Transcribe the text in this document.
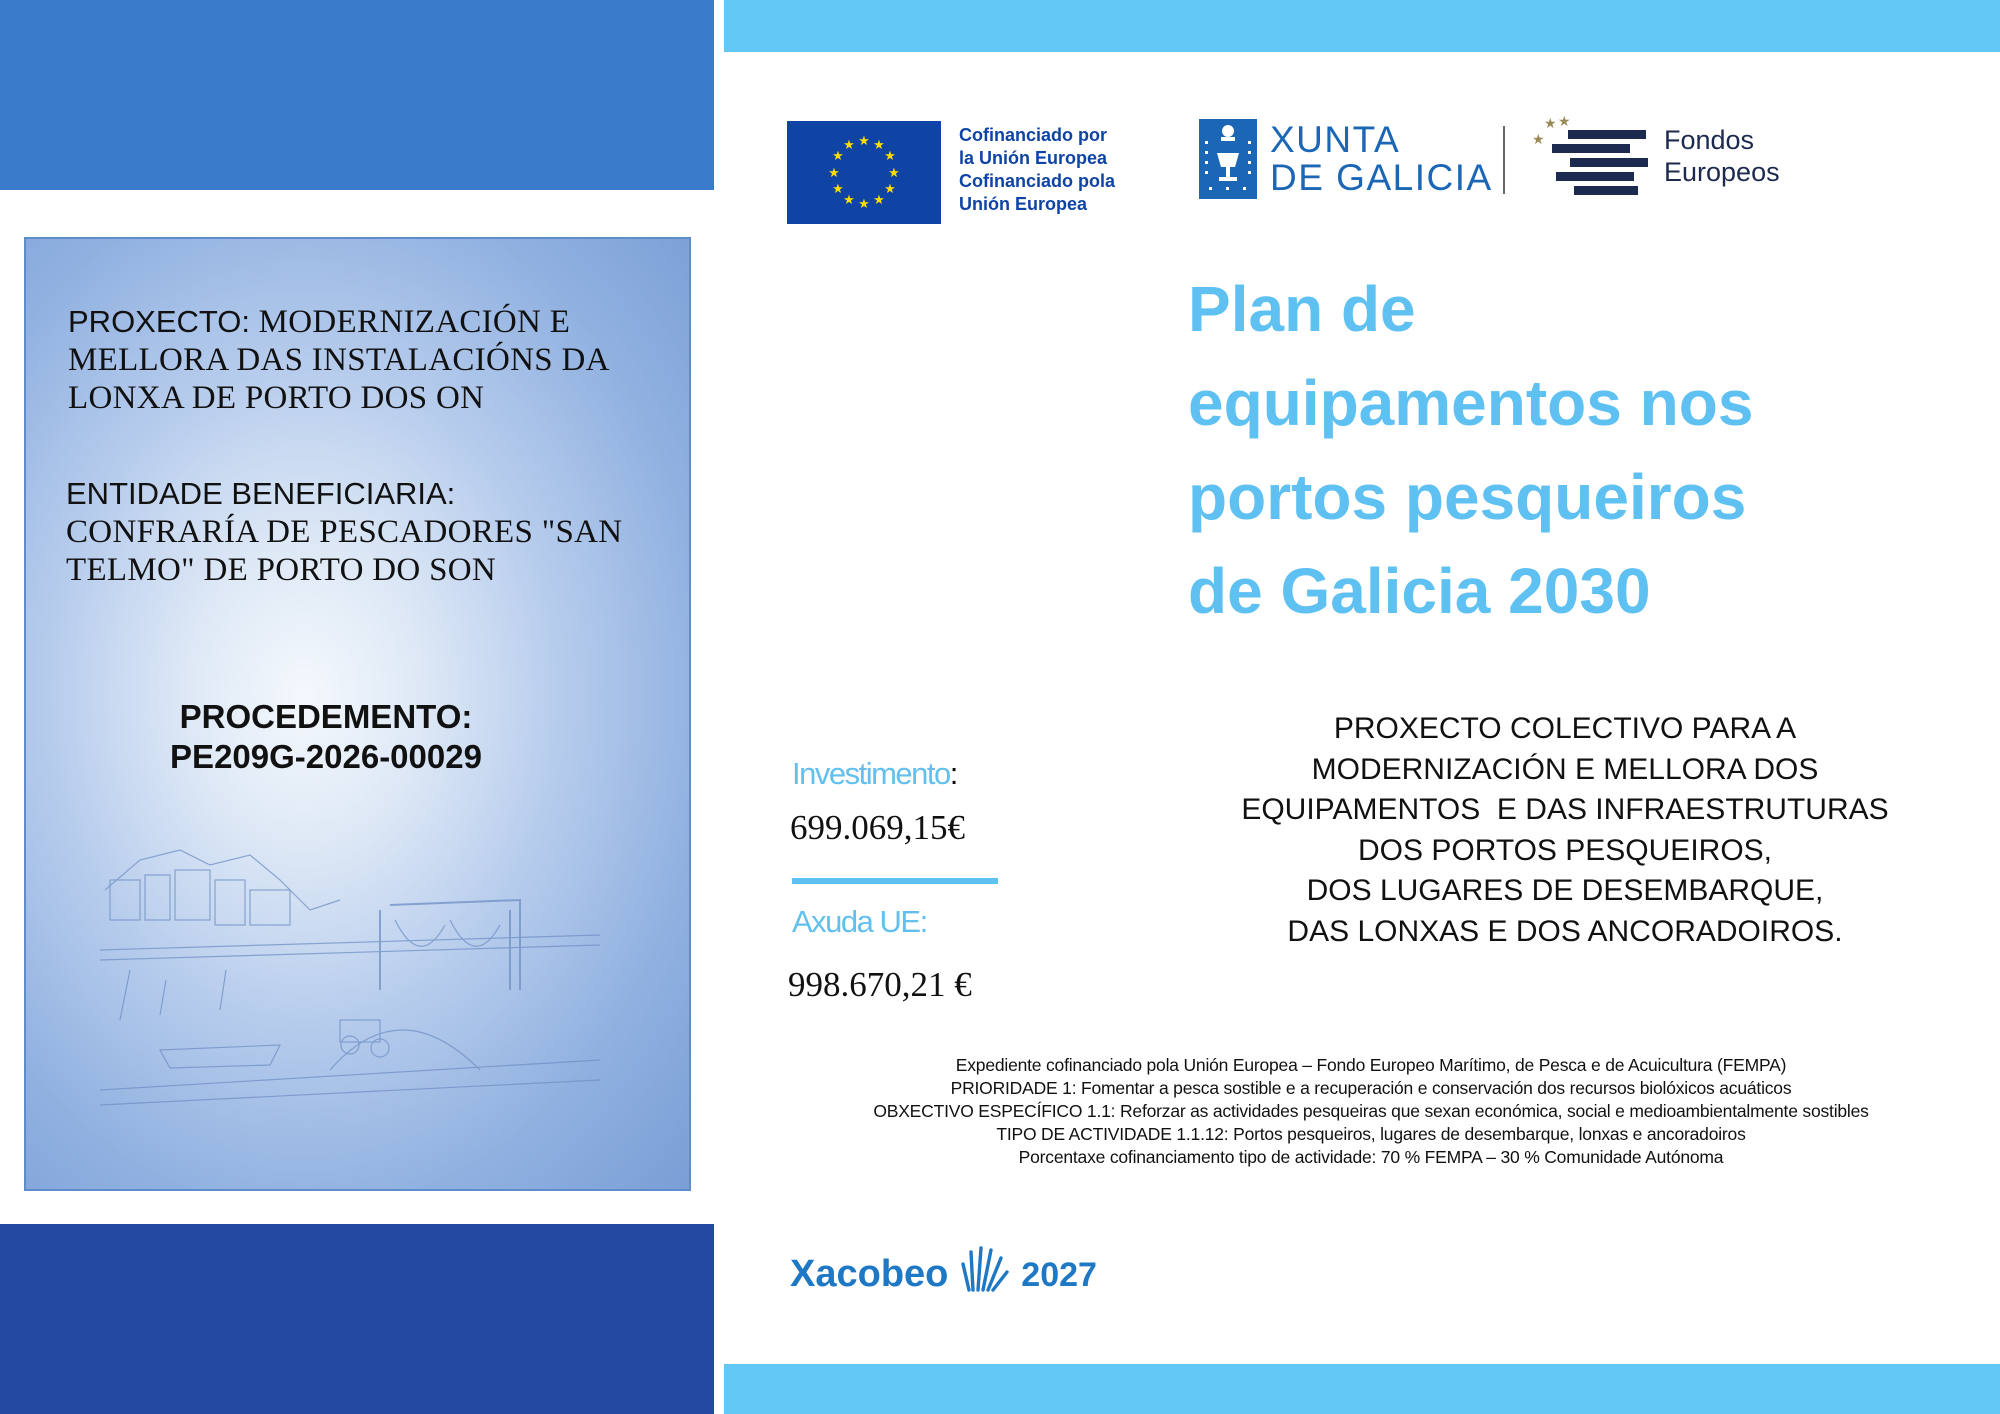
PROXECTO: MODERNIZACIÓN E
MELLORA DAS INSTALACIÓNS DA
LONXA DE PORTO DOS ON
ENTIDADE BENEFICIARIA:
CONFRARÍA DE PESCADORES "SAN
TELMO" DE PORTO DO SON
PROCEDEMENTO:
PE209G-2026-00029
★ ★
★
★
★
★
★
★
★
★
★
★
Cofinanciado por
la Unión Europea
Cofinanciado pola
Unión Europea
XUNTA
DE GALICIA
★
★ ★
Fondos
Europeos
Plan de
equipamentos nos
portos pesqueiros
de Galicia 2030
Investimento:
699.069,15€
Axuda UE:
998.670,21 €
PROXECTO COLECTIVO PARA A
MODERNIZACIÓN E MELLORA DOS
EQUIPAMENTOS  E DAS INFRAESTRUTURAS
DOS PORTOS PESQUEIROS,
DOS LUGARES DE DESEMBARQUE,
DAS LONXAS E DOS ANCORADOIROS.
Expediente cofinanciado pola Unión Europea – Fondo Europeo Marítimo, de Pesca e de Acuicultura (FEMPA)
PRIORIDADE 1: Fomentar a pesca sostible e a recuperación e conservación dos recursos biolóxicos acuáticos
OBXECTIVO ESPECÍFICO 1.1: Reforzar as actividades pesqueiras que sexan económica, social e medioambientalmente sostibles
TIPO DE ACTIVIDADE 1.1.12: Portos pesqueiros, lugares de desembarque, lonxas e ancoradoiros
Porcentaxe cofinanciamento tipo de actividade: 70 % FEMPA – 30 % Comunidade Autónoma
Xacobeo 2027
